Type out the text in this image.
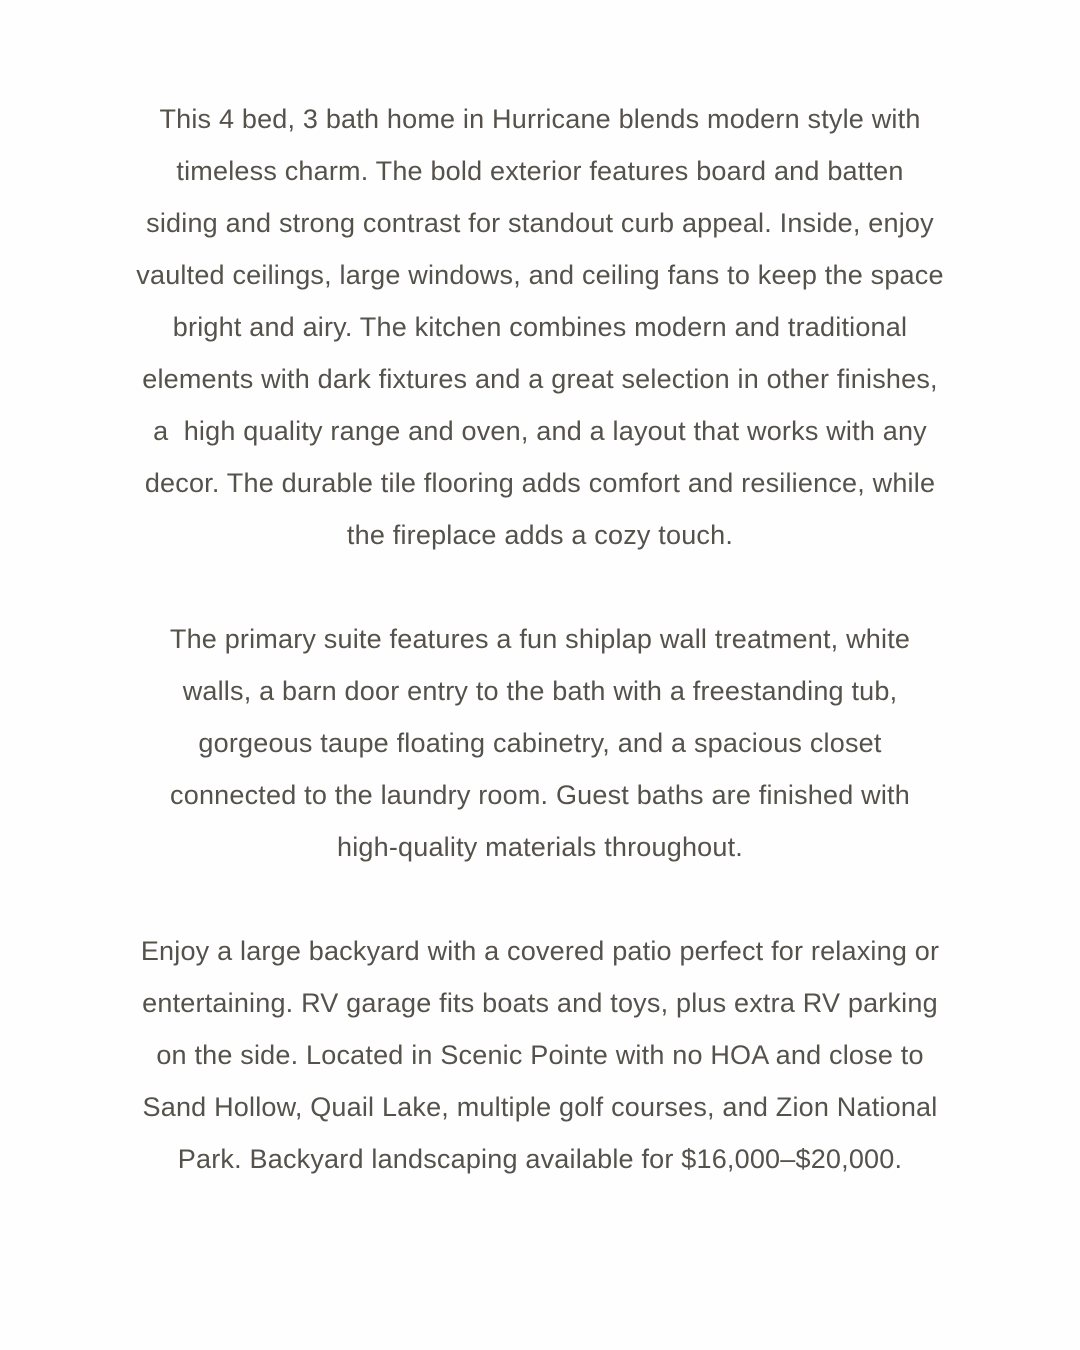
This 4 bed, 3 bath home in Hurricane blends modern style with
timeless charm. The bold exterior features board and batten
siding and strong contrast for standout curb appeal. Inside, enjoy
vaulted ceilings, large windows, and ceiling fans to keep the space
bright and airy. The kitchen combines modern and traditional
elements with dark fixtures and a great selection in other finishes,
a  high quality range and oven, and a layout that works with any
decor. The durable tile flooring adds comfort and resilience, while
the fireplace adds a cozy touch.
The primary suite features a fun shiplap wall treatment, white
walls, a barn door entry to the bath with a freestanding tub,
gorgeous taupe floating cabinetry, and a spacious closet
connected to the laundry room. Guest baths are finished with
high-quality materials throughout.
Enjoy a large backyard with a covered patio perfect for relaxing or
entertaining. RV garage fits boats and toys, plus extra RV parking
on the side. Located in Scenic Pointe with no HOA and close to
Sand Hollow, Quail Lake, multiple golf courses, and Zion National
Park. Backyard landscaping available for $16,000–$20,000.
